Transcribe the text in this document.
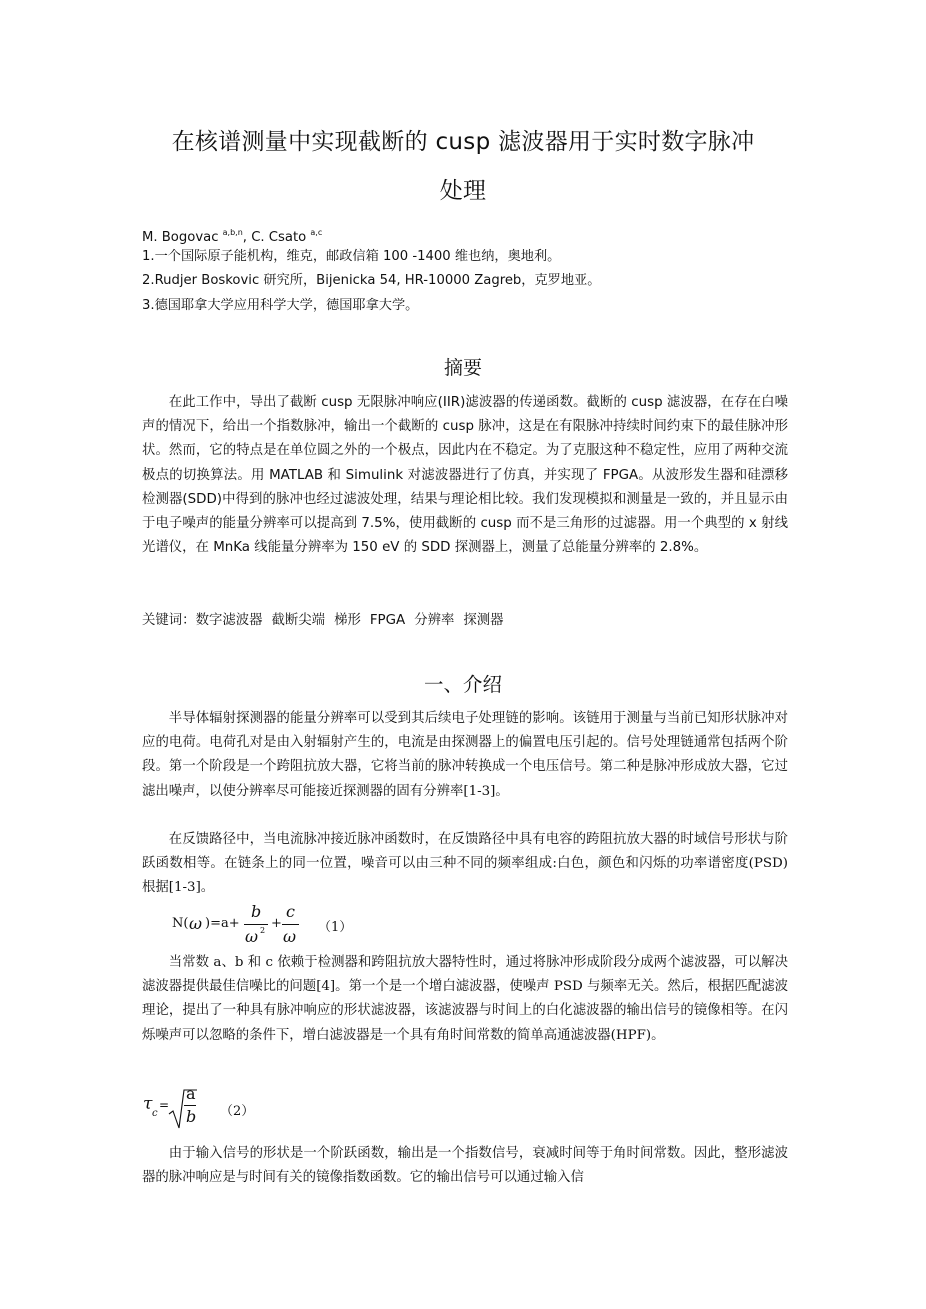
在核谱测量中实现截断的 cusp 滤波器用于实时数字脉冲
处理
M. Bogovac $^{a,b,n}$, C. Csato $^{a,c}$
1.一个国际原子能机构，维克，邮政信箱 100 -1400 维也纳，奥地利。
2.Rudjer Boskovic 研究所，Bijenicka 54, HR-10000 Zagreb，克罗地亚。
3.德国耶拿大学应用科学大学，德国耶拿大学。
摘要

在此工作中，导出了截断 cusp 无限脉冲响应(IIR)滤波器的传递函数。截断的 cusp 滤波器，在存在白噪声的情况下，给出一个指数脉冲，输出一个截断的 cusp 脉冲，这是在有限脉冲持续时间约束下的最佳脉冲形状。然而，它的特点是在单位圆之外的一个极点，因此内在不稳定。为了克服这种不稳定性，应用了两种交流极点的切换算法。用 MATLAB 和 Simulink 对滤波器进行了仿真，并实现了 FPGA。从波形发生器和硅漂移检测器(SDD)中得到的脉冲也经过滤波处理，结果与理论相比较。我们发现模拟和测量是一致的，并且显示由于电子噪声的能量分辨率可以提高到 7.5%，使用截断的 cusp 而不是三角形的过滤器。用一个典型的 x 射线光谱仪，在 MnKa 线能量分辨率为 150 eV 的 SDD 探测器上，测量了总能量分辨率的 2.8%。

关键词：数字滤波器 截断尖端 梯形 FPGA 分辨率 探测器
一、介绍

半导体辐射探测器的能量分辨率可以受到其后续电子处理链的影响。该链用于测量与当前已知形状脉冲对应的电荷。电荷孔对是由入射辐射产生的，电流是由探测器上的偏置电压引起的。信号处理链通常包括两个阶段。第一个阶段是一个跨阻抗放大器，它将当前的脉冲转换成一个电压信号。第二种是脉冲形成放大器，它过滤出噪声，以使分辨率尽可能接近探测器的固有分辨率[1-3]。

在反馈路径中，当电流脉冲接近脉冲函数时，在反馈路径中具有电容的跨阻抗放大器的时域信号形状与阶跃函数相等。在链条上的同一位置，噪音可以由三种不同的频率组成:白色，颜色和闪烁的功率谱密度(PSD)根据[1-3]。

N( ω )=a+
b
ω 2 +
c
ω （1）

当常数 a、b 和 c 依赖于检测器和跨阻抗放大器特性时，通过将脉冲形成阶段分成两个滤波器，可以解决滤波器提供最佳信噪比的问题[4]。第一个是一个增白滤波器，使噪声 PSD 与频率无关。然后，根据匹配滤波理论，提出了一种具有脉冲响应的形状滤波器，该滤波器与时间上的白化滤波器的输出信号的镜像相等。在闪烁噪声可以忽略的条件下，增白滤波器是一个具有角时间常数的简单高通滤波器(HPF)。

τ c
=
a
b （2）

由于输入信号的形状是一个阶跃函数，输出是一个指数信号，衰减时间等于角时间常数。因此，整形滤波器的脉冲响应是与时间有关的镜像指数函数。它的输出信号可以通过输入信
